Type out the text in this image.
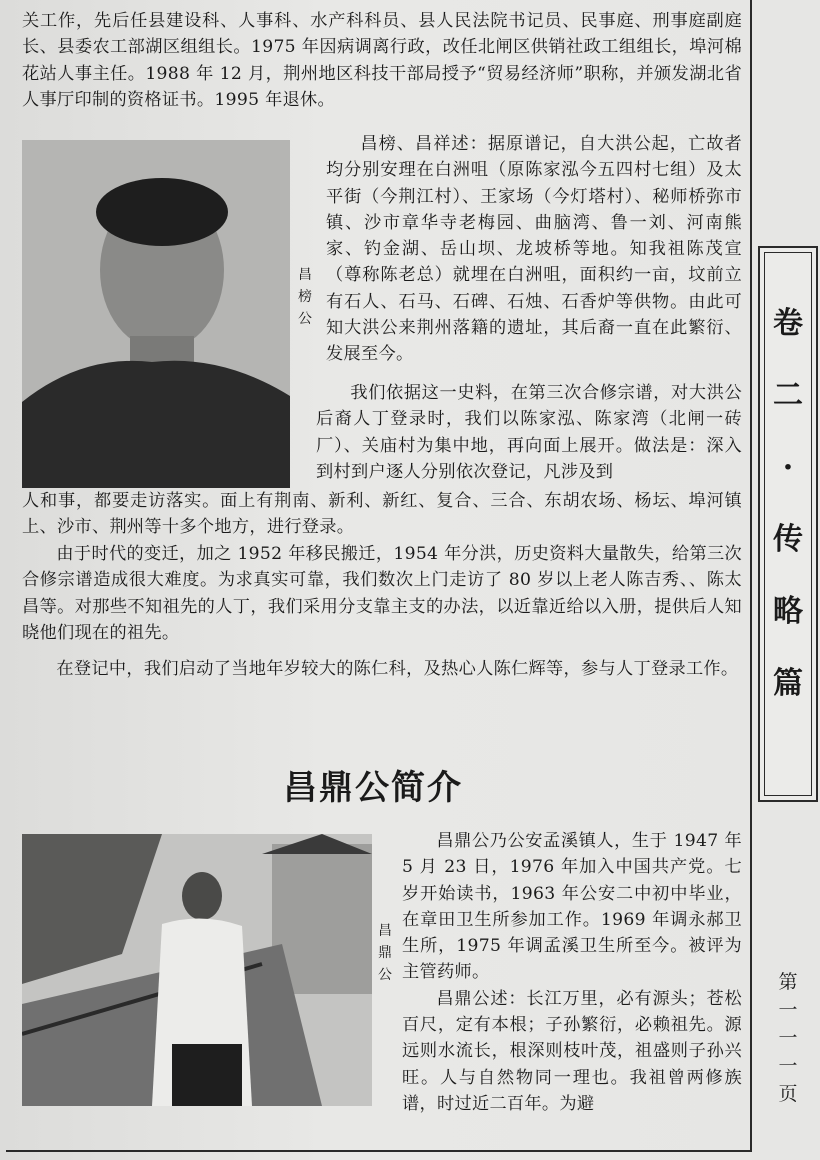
关工作，先后任县建设科、人事科、水产科科员、县人民法院书记员、民事庭、刑事庭副庭长、县委农工部湖区组组长。1975 年因病调离行政，改任北闸区供销社政工组组长，埠河棉花站人事主任。1988 年 12 月，荆州地区科技干部局授予“贸易经济师”职称，并颁发湖北省人事厅印制的资格证书。1995 年退休。

昌
榜
公

昌榜、昌祥述：据原谱记，自大洪公起，亡故者均分别安理在白洲咀（原陈家泓今五四村七组）及太平街（今荆江村）、王家场（今灯塔村）、秘师桥弥市镇、沙市章华寺老梅园、曲脑湾、鲁一刘、河南熊家、钓金湖、岳山坝、龙坡桥等地。知我祖陈茂宣（尊称陈老总）就埋在白洲咀，面积约一亩，坟前立有石人、石马、石碑、石烛、石香炉等供物。由此可知大洪公来荆州落籍的遗址，其后裔一直在此繁衍、发展至今。

我们依据这一史料，在第三次合修宗谱，对大洪公后裔人丁登录时，我们以陈家泓、陈家湾（北闸一砖厂）、关庙村为集中地，再向面上展开。做法是：深入到村到户逐人分别依次登记，凡涉及到

人和事，都要走访落实。面上有荆南、新利、新红、复合、三合、东胡农场、杨坛、埠河镇上、沙市、荆州等十多个地方，进行登录。

由于时代的变迁，加之 1952 年移民搬迁，1954 年分洪，历史资料大量散失，给第三次合修宗谱造成很大难度。为求真实可靠，我们数次上门走访了 80 岁以上老人陈吉秀、、陈太昌等。对那些不知祖先的人丁，我们采用分支靠主支的办法，以近靠近给以入册，提供后人知晓他们现在的祖先。

在登记中，我们启动了当地年岁较大的陈仁科，及热心人陈仁辉等，参与人丁登录工作。

昌鼎公简介
昌
鼎
公

昌鼎公乃公安孟溪镇人，生于 1947 年 5 月 23 日，1976 年加入中国共产党。七岁开始读书，1963 年公安二中初中毕业，在章田卫生所参加工作。1969 年调永郝卫生所，1975 年调孟溪卫生所至今。被评为主管药师。

昌鼎公述：长江万里，必有源头；苍松百尺，定有本根；子孙繁衍，必赖祖先。源远则水流长，根深则枝叶茂，祖盛则子孙兴旺。人与自然物同一理也。我祖曾两修族谱，时过近二百年。为避

卷
二
·
传
略
篇
第
一
一
一
页
